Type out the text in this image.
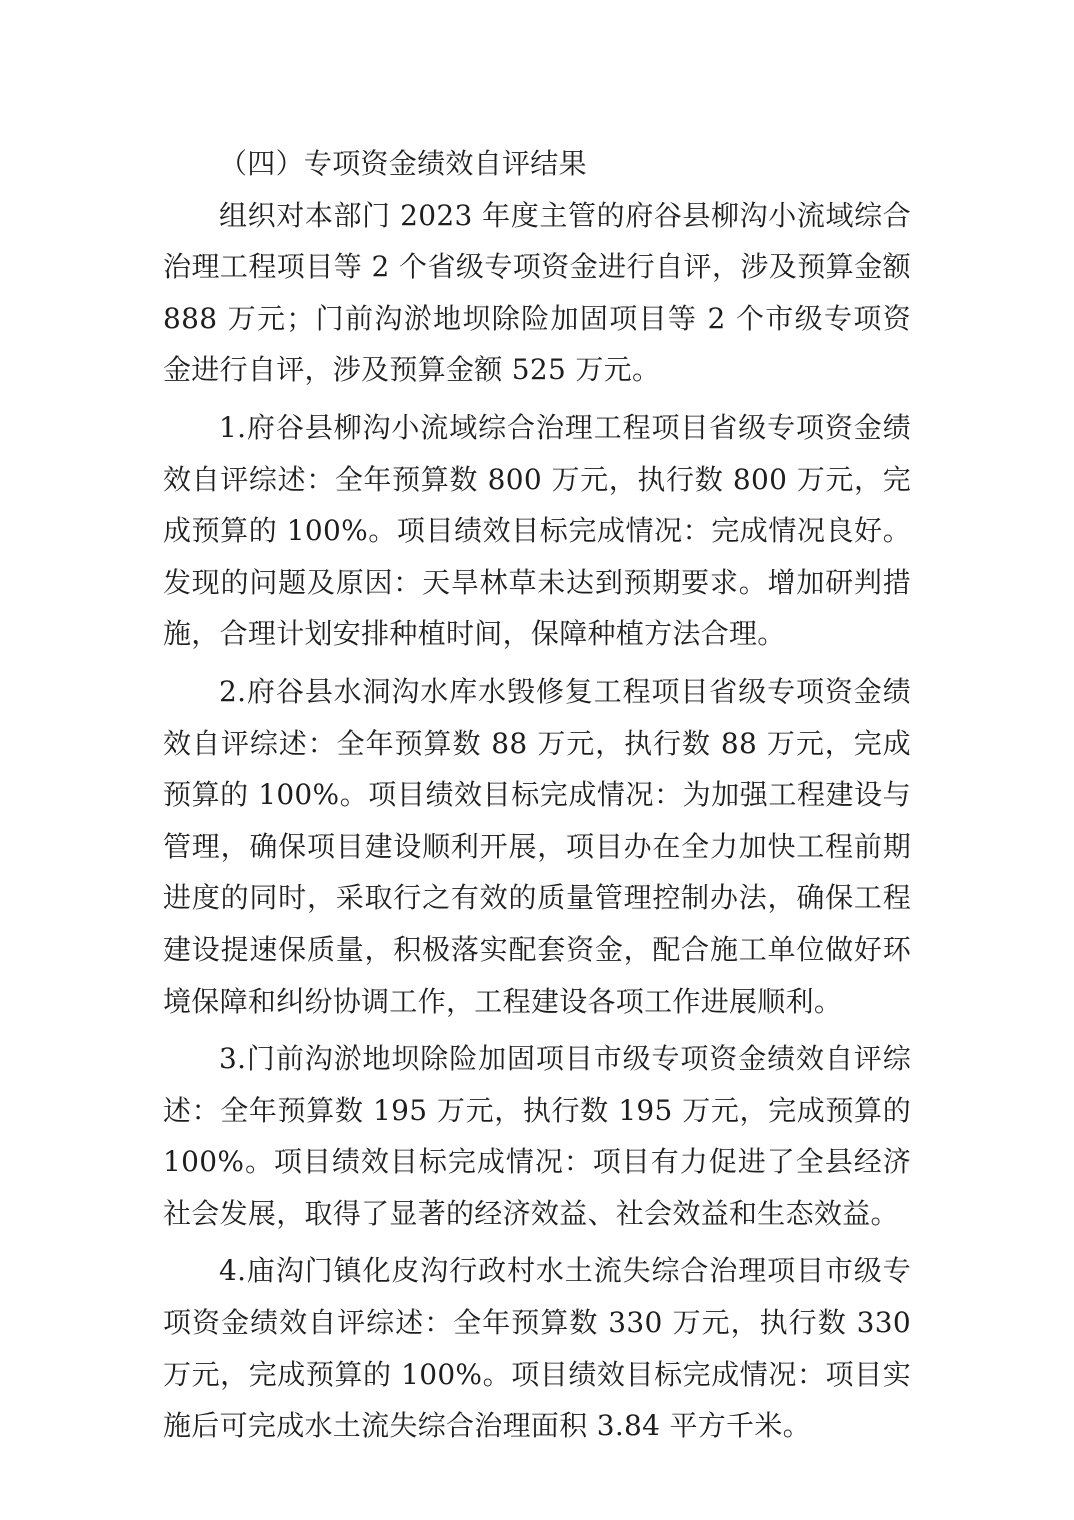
（四）专项资金绩效自评结果

组织对本部门 2023 年度主管的府谷县柳沟小流域综合治理工程项目等 2 个省级专项资金进行自评，涉及预算金额 888 万元；门前沟淤地坝除险加固项目等 2 个市级专项资金进行自评，涉及预算金额 525 万元。

1.府谷县柳沟小流域综合治理工程项目省级专项资金绩效自评综述：全年预算数 800 万元，执行数 800 万元，完成预算的 100%。项目绩效目标完成情况：完成情况良好。发现的问题及原因：天旱林草未达到预期要求。增加研判措施，合理计划安排种植时间，保障种植方法合理。

2.府谷县水洞沟水库水毁修复工程项目省级专项资金绩效自评综述：全年预算数 88 万元，执行数 88 万元，完成预算的 100%。项目绩效目标完成情况：为加强工程建设与管理，确保项目建设顺利开展，项目办在全力加快工程前期进度的同时，采取行之有效的质量管理控制办法，确保工程建设提速保质量，积极落实配套资金，配合施工单位做好环境保障和纠纷协调工作，工程建设各项工作进展顺利。

3.门前沟淤地坝除险加固项目市级专项资金绩效自评综述：全年预算数 195 万元，执行数 195 万元，完成预算的100%。项目绩效目标完成情况：项目有力促进了全县经济社会发展，取得了显著的经济效益、社会效益和生态效益。

4.庙沟门镇化皮沟行政村水土流失综合治理项目市级专项资金绩效自评综述：全年预算数 330 万元，执行数 330 万元，完成预算的 100%。项目绩效目标完成情况：项目实施后可完成水土流失综合治理面积 3.84 平方千米。
